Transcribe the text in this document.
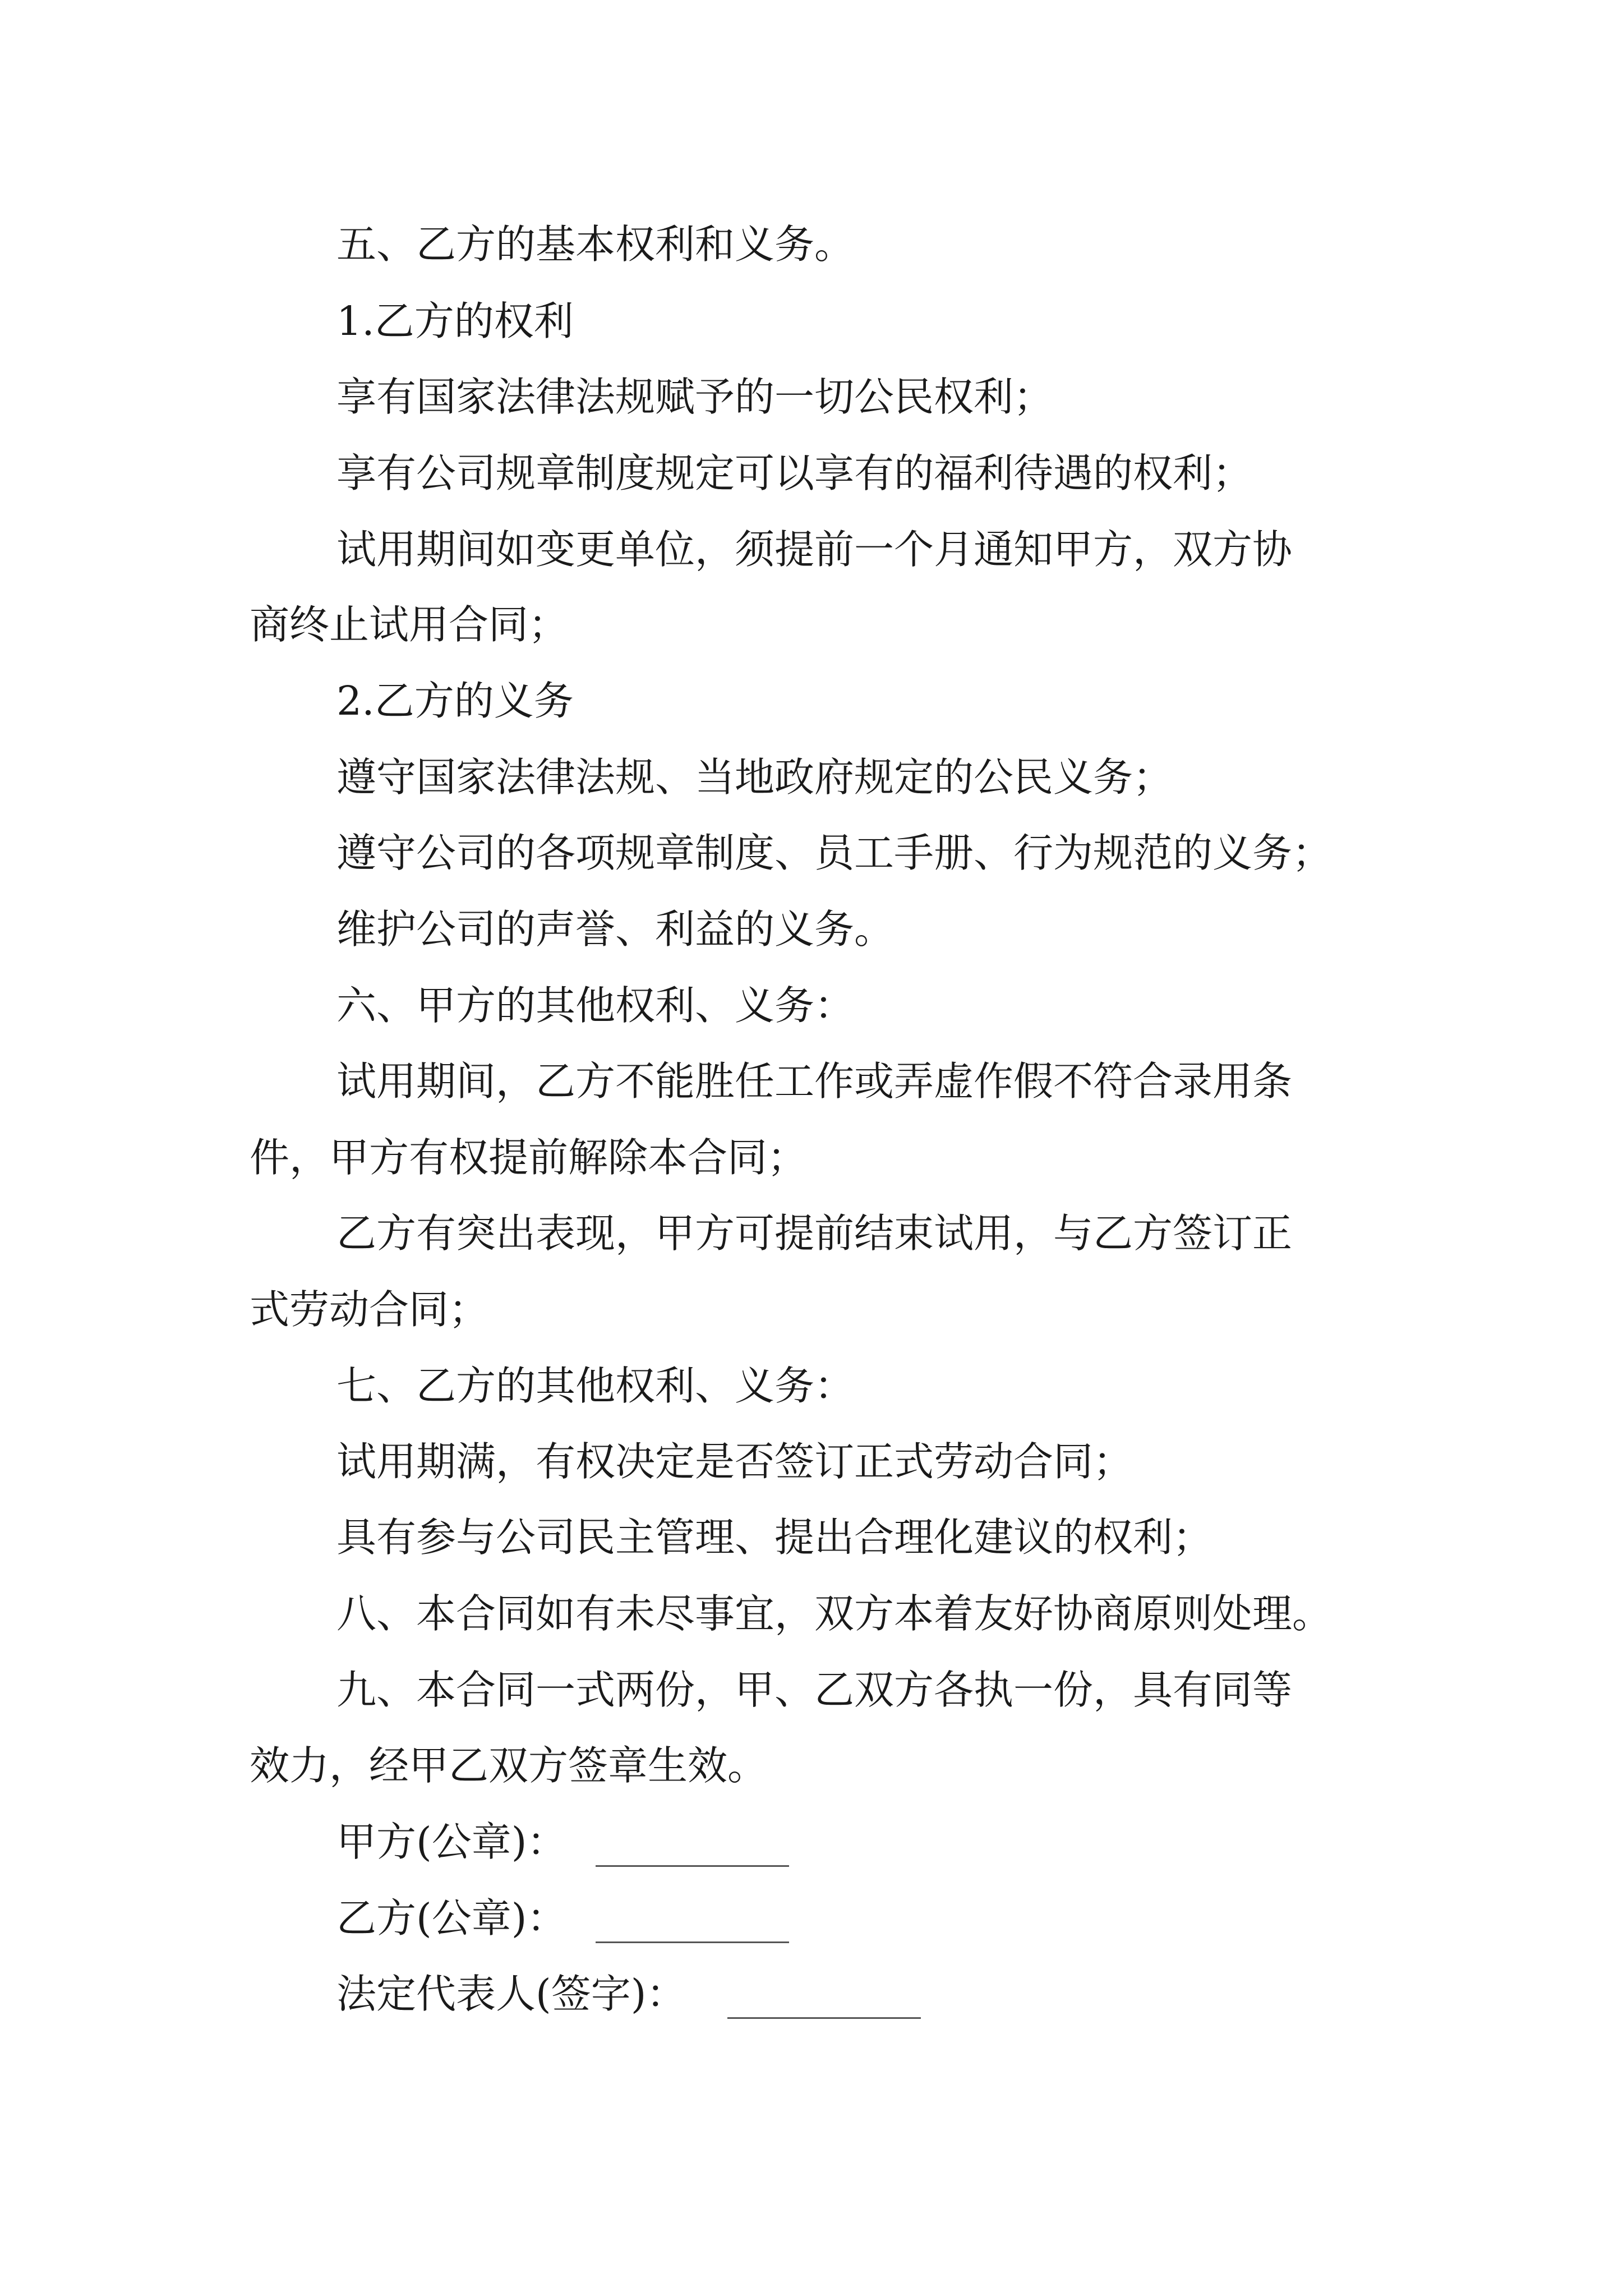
五、乙方的基本权利和义务。
1.乙方的权利
享有国家法律法规赋予的一切公民权利；
享有公司规章制度规定可以享有的福利待遇的权利；
试用期间如变更单位，须提前一个月通知甲方，双方协
商终止试用合同；
2.乙方的义务
遵守国家法律法规、当地政府规定的公民义务；
遵守公司的各项规章制度、员工手册、行为规范的义务；
维护公司的声誉、利益的义务。
六、甲方的其他权利、义务：
试用期间，乙方不能胜任工作或弄虚作假不符合录用条
件，甲方有权提前解除本合同；
乙方有突出表现，甲方可提前结束试用，与乙方签订正
式劳动合同；
七、乙方的其他权利、义务：
试用期满，有权决定是否签订正式劳动合同；
具有参与公司民主管理、提出合理化建议的权利；
八、本合同如有未尽事宜，双方本着友好协商原则处理。
九、本合同一式两份，甲、乙双方各执一份，具有同等
效力，经甲乙双方签章生效。
甲方(公章)：
乙方(公章)：
法定代表人(签字)：
